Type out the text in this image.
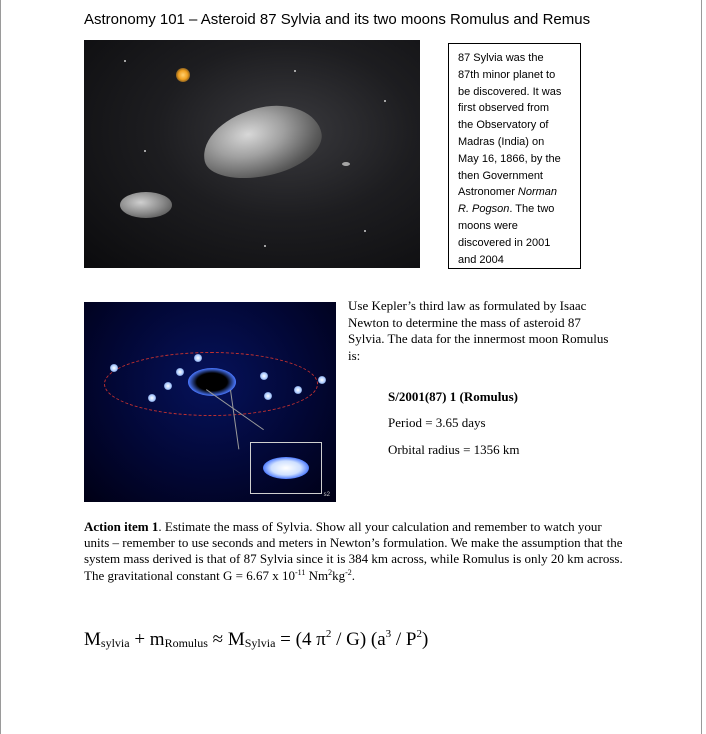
Astronomy 101 – Asteroid 87 Sylvia and its two moons Romulus and Remus
87 Sylvia was the
87th minor planet to
be discovered. It was
first observed from
the Observatory of
Madras (India) on
May 16, 1866, by the
then Government
Astronomer Norman
R. Pogson. The two
moons were
discovered in 2001
and 2004
s2
Use Kepler’s third law as formulated by Isaac Newton to determine the mass of asteroid 87 Sylvia. The data for the innermost moon Romulus is:
S/2001(87) 1 (Romulus)
Period = 3.65 days
Orbital radius = 1356 km
Action item 1. Estimate the mass of Sylvia. Show all your calculation and remember to watch your units – remember to use seconds and meters in Newton’s formulation. We make the assumption that the system mass derived is that of 87 Sylvia since it is 384 km across, while Romulus is only 20 km across. The gravitational constant G = 6.67 x $10^{-11}$ $Nm^2kg^{-2}$.
$M_{sylvia} + m_{Romulus} \approx M_{Sylvia} = (4$ $\pi^2 / G$) $(a^3 / P^2)$
